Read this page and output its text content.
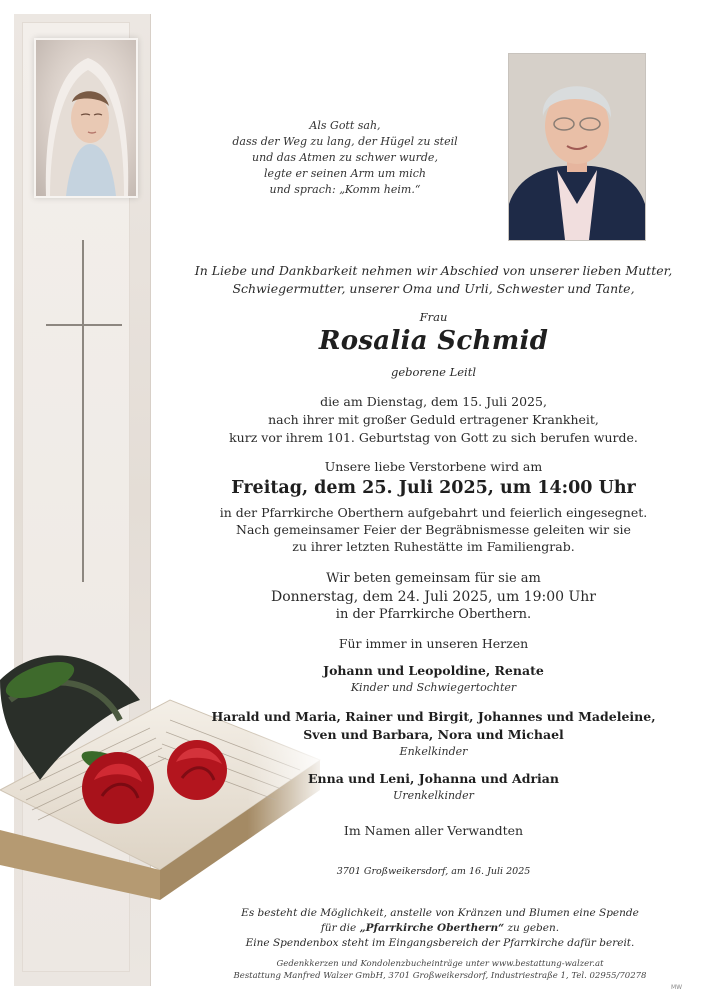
Als Gott sah,
dass der Weg zu lang, der Hügel zu steil
und das Atmen zu schwer wurde,
legte er seinen Arm um mich
und sprach: „Komm heim.“
In Liebe und Dankbarkeit nehmen wir Abschied von unserer lieben Mutter,
Schwiegermutter, unserer Oma und Urli, Schwester und Tante,
Frau
Rosalia Schmid
geborene Leitl
die am Dienstag, dem 15. Juli 2025,
nach ihrer mit großer Geduld ertragener Krankheit,
kurz vor ihrem 101. Geburtstag von Gott zu sich berufen wurde.
Unsere liebe Verstorbene wird am
Freitag, dem 25. Juli 2025, um 14:00 Uhr
in der Pfarrkirche Oberthern aufgebahrt und feierlich eingesegnet.
Nach gemeinsamer Feier der Begräbnismesse geleiten wir sie
zu ihrer letzten Ruhestätte im Familiengrab.
Wir beten gemeinsam für sie am
Donnerstag, dem 24. Juli 2025, um 19:00 Uhr
in der Pfarrkirche Oberthern.
Für immer in unseren Herzen
Johann und Leopoldine, Renate
Kinder und Schwiegertochter
Harald und Maria, Rainer und Birgit, Johannes und Madeleine,
Sven und Barbara, Nora und Michael
Enkelkinder
Enna und Leni, Johanna und Adrian
Urenkelkinder
Im Namen aller Verwandten
3701 Großweikersdorf, am 16. Juli 2025
Es besteht die Möglichkeit, anstelle von Kränzen und Blumen eine Spende
für die „Pfarrkirche Oberthern“ zu geben.
Eine Spendenbox steht im Eingangsbereich der Pfarrkirche dafür bereit.
Gedenkkerzen und Kondolenzbucheinträge unter www.bestattung-walzer.at
Bestattung Manfred Walzer GmbH, 3701 Großweikersdorf, Industriestraße 1, Tel. 02955/70278
MW
